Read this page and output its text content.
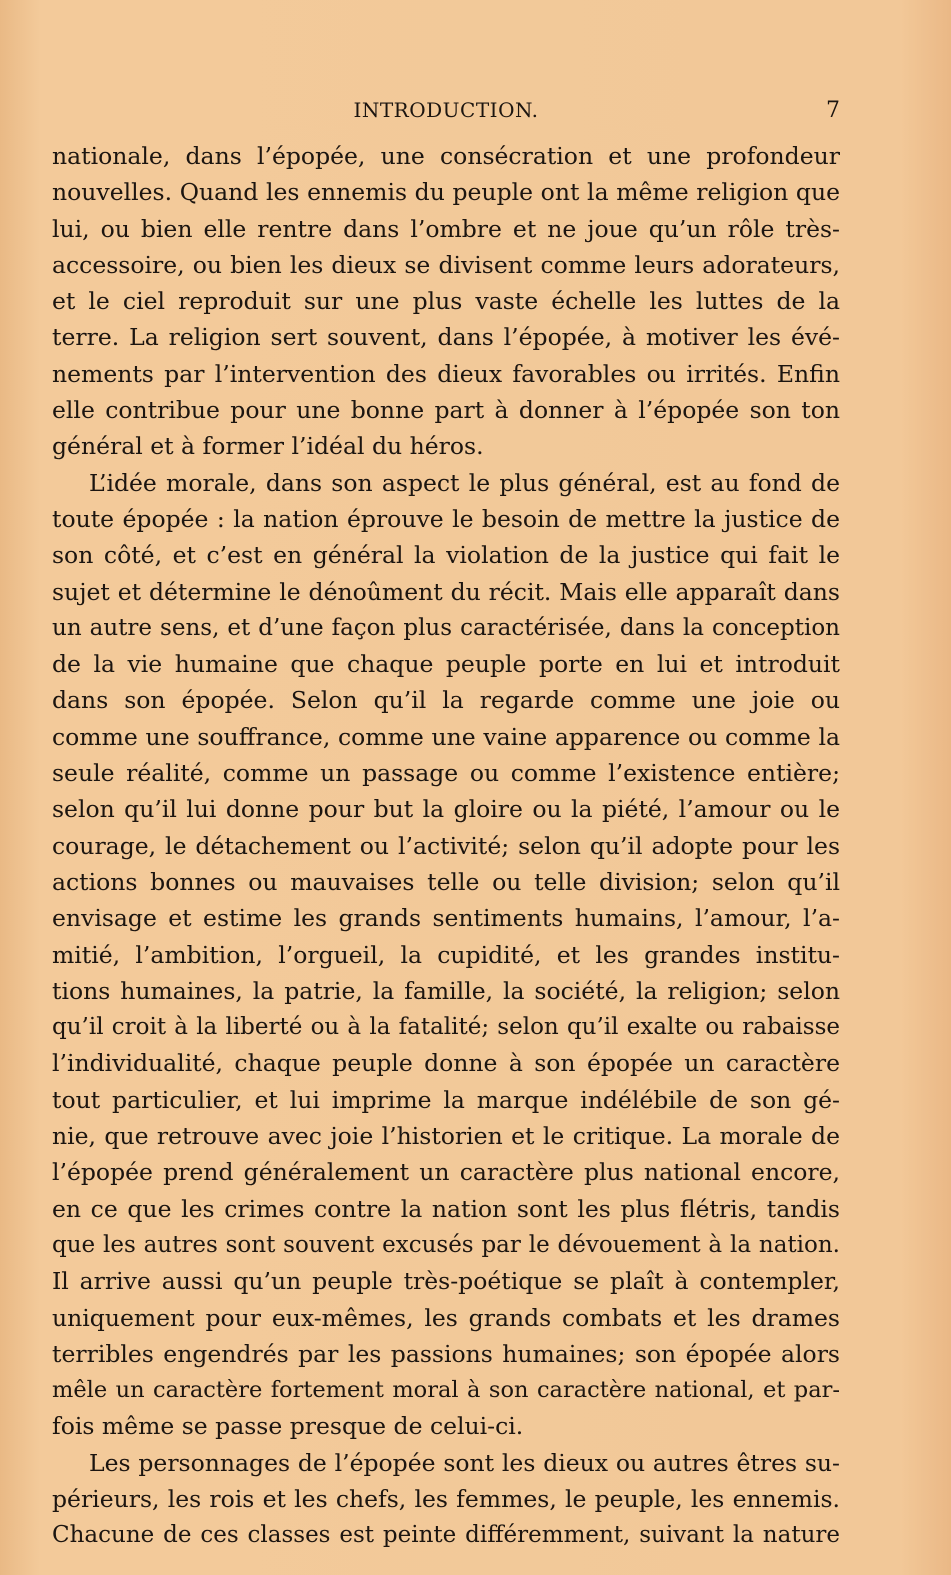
INTRODUCTION.	7
nationale, dans l’épopée, une consécration et une profondeur
nouvelles. Quand les ennemis du peuple ont la même religion que
lui, ou bien elle rentre dans l’ombre et ne joue qu’un rôle très-
accessoire, ou bien les dieux se divisent comme leurs adorateurs,
et le ciel reproduit sur une plus vaste échelle les luttes de la
terre. La religion sert souvent, dans l’épopée, à motiver les évé-
nements par l’intervention des dieux favorables ou irrités. Enfin
elle contribue pour une bonne part à donner à l’épopée son ton
général et à former l’idéal du héros.
L’idée morale, dans son aspect le plus général, est au fond de
toute épopée : la nation éprouve le besoin de mettre la justice de
son côté, et c’est en général la violation de la justice qui fait le
sujet et détermine le dénoûment du récit. Mais elle apparaît dans
un autre sens, et d’une façon plus caractérisée, dans la conception
de la vie humaine que chaque peuple porte en lui et introduit
dans son épopée. Selon qu’il la regarde comme une joie ou
comme une souffrance, comme une vaine apparence ou comme la
seule réalité, comme un passage ou comme l’existence entière;
selon qu’il lui donne pour but la gloire ou la piété, l’amour ou le
courage, le détachement ou l’activité; selon qu’il adopte pour les
actions bonnes ou mauvaises telle ou telle division; selon qu’il
envisage et estime les grands sentiments humains, l’amour, l’a-
mitié, l’ambition, l’orgueil, la cupidité, et les grandes institu-
tions humaines, la patrie, la famille, la société, la religion; selon
qu’il croit à la liberté ou à la fatalité; selon qu’il exalte ou rabaisse
l’individualité, chaque peuple donne à son épopée un caractère
tout particulier, et lui imprime la marque indélébile de son gé-
nie, que retrouve avec joie l’historien et le critique. La morale de
l’épopée prend généralement un caractère plus national encore,
en ce que les crimes contre la nation sont les plus flétris, tandis
que les autres sont souvent excusés par le dévouement à la nation.
Il arrive aussi qu’un peuple très-poétique se plaît à contempler,
uniquement pour eux-mêmes, les grands combats et les drames
terribles engendrés par les passions humaines; son épopée alors
mêle un caractère fortement moral à son caractère national, et par-
fois même se passe presque de celui-ci.
Les personnages de l’épopée sont les dieux ou autres êtres su-
périeurs, les rois et les chefs, les femmes, le peuple, les ennemis.
Chacune de ces classes est peinte différemment, suivant la nature
